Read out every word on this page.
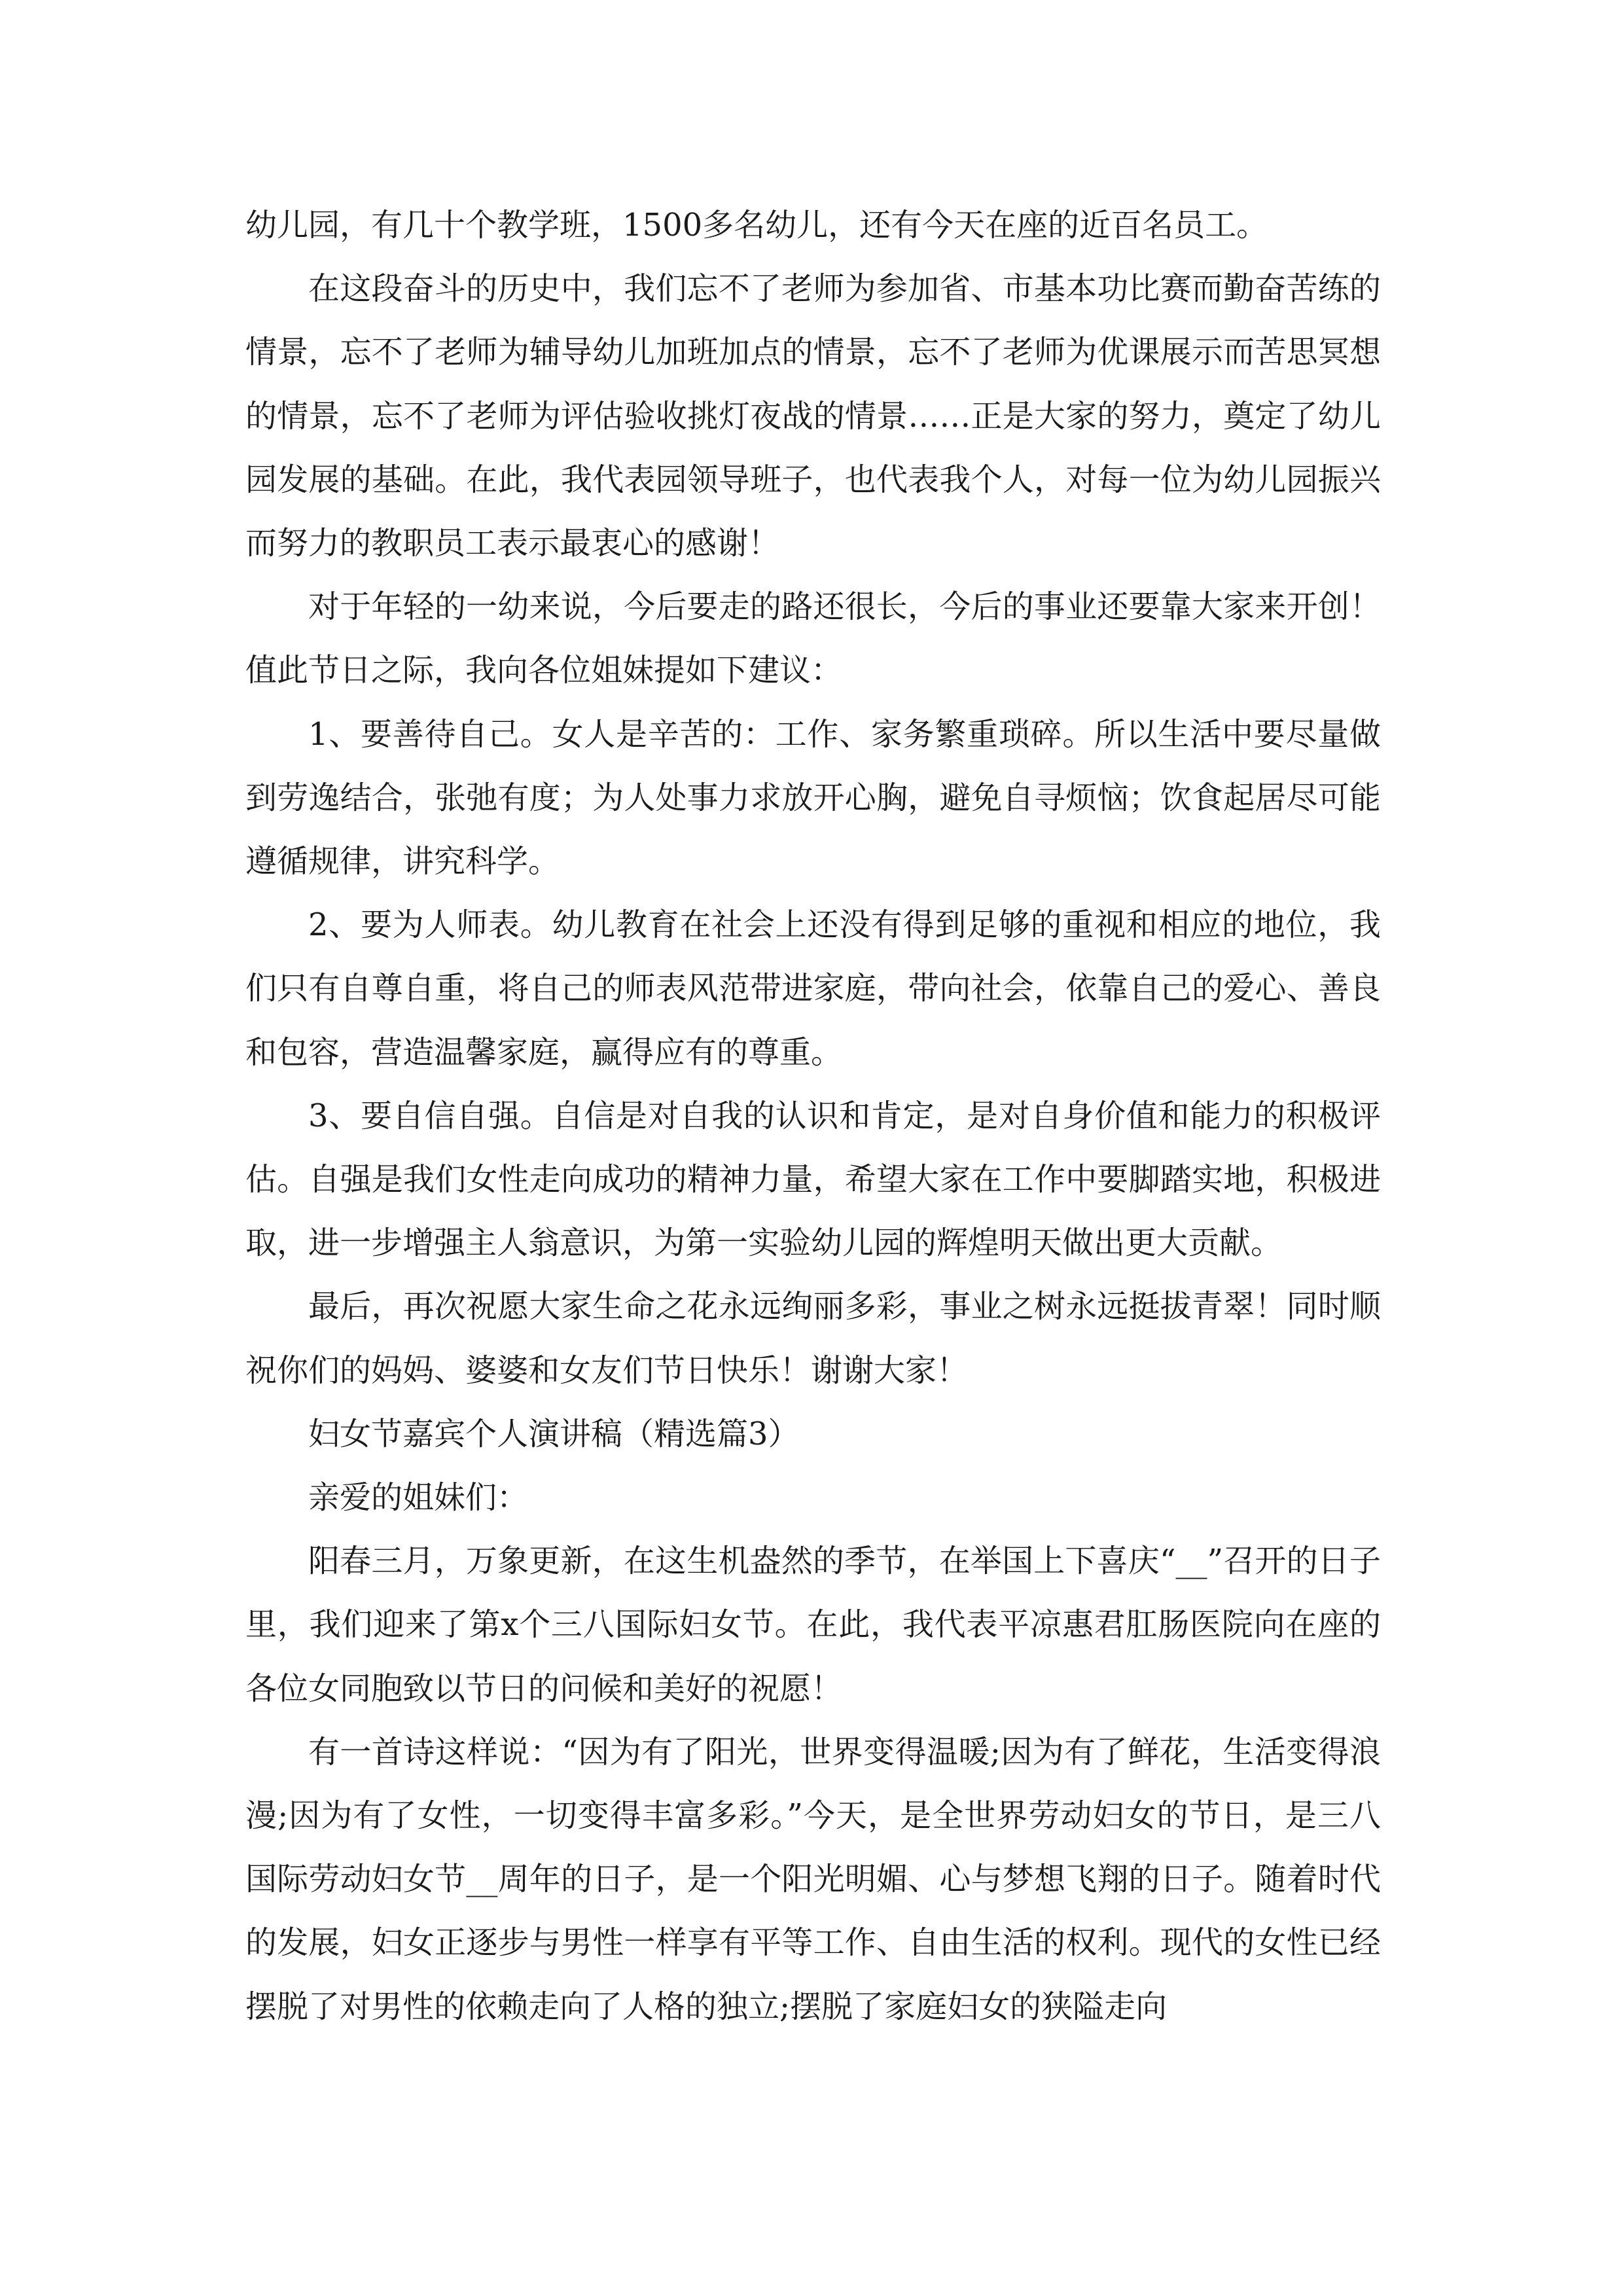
幼儿园，有几十个教学班，1500多名幼儿，还有今天在座的近百名员工。

在这段奋斗的历史中，我们忘不了老师为参加省、市基本功比赛而勤奋苦练的情景，忘不了老师为辅导幼儿加班加点的情景，忘不了老师为优课展示而苦思冥想的情景，忘不了老师为评估验收挑灯夜战的情景……正是大家的努力，奠定了幼儿园发展的基础。在此，我代表园领导班子，也代表我个人，对每一位为幼儿园振兴而努力的教职员工表示最衷心的感谢！

对于年轻的一幼来说，今后要走的路还很长，今后的事业还要靠大家来开创！值此节日之际，我向各位姐妹提如下建议：

1、要善待自己。女人是辛苦的：工作、家务繁重琐碎。所以生活中要尽量做到劳逸结合，张弛有度；为人处事力求放开心胸，避免自寻烦恼；饮食起居尽可能遵循规律，讲究科学。

2、要为人师表。幼儿教育在社会上还没有得到足够的重视和相应的地位，我们只有自尊自重，将自己的师表风范带进家庭，带向社会，依靠自己的爱心、善良和包容，营造温馨家庭，赢得应有的尊重。

3、要自信自强。自信是对自我的认识和肯定，是对自身价值和能力的积极评估。自强是我们女性走向成功的精神力量，希望大家在工作中要脚踏实地，积极进取，进一步增强主人翁意识，为第一实验幼儿园的辉煌明天做出更大贡献。

最后，再次祝愿大家生命之花永远绚丽多彩，事业之树永远挺拔青翠！同时顺祝你们的妈妈、婆婆和女友们节日快乐！谢谢大家！

妇女节嘉宾个人演讲稿（精选篇3）

亲爱的姐妹们：

阳春三月，万象更新，在这生机盎然的季节，在举国上下喜庆“__”召开的日子里，我们迎来了第x个三八国际妇女节。在此，我代表平凉惠君肛肠医院向在座的各位女同胞致以节日的问候和美好的祝愿！

有一首诗这样说：“因为有了阳光，世界变得温暖;因为有了鲜花，生活变得浪漫;因为有了女性，一切变得丰富多彩。”今天，是全世界劳动妇女的节日，是三八国际劳动妇女节__周年的日子，是一个阳光明媚、心与梦想飞翔的日子。随着时代的发展，妇女正逐步与男性一样享有平等工作、自由生活的权利。现代的女性已经摆脱了对男性的依赖走向了人格的独立;摆脱了家庭妇女的狭隘走向
